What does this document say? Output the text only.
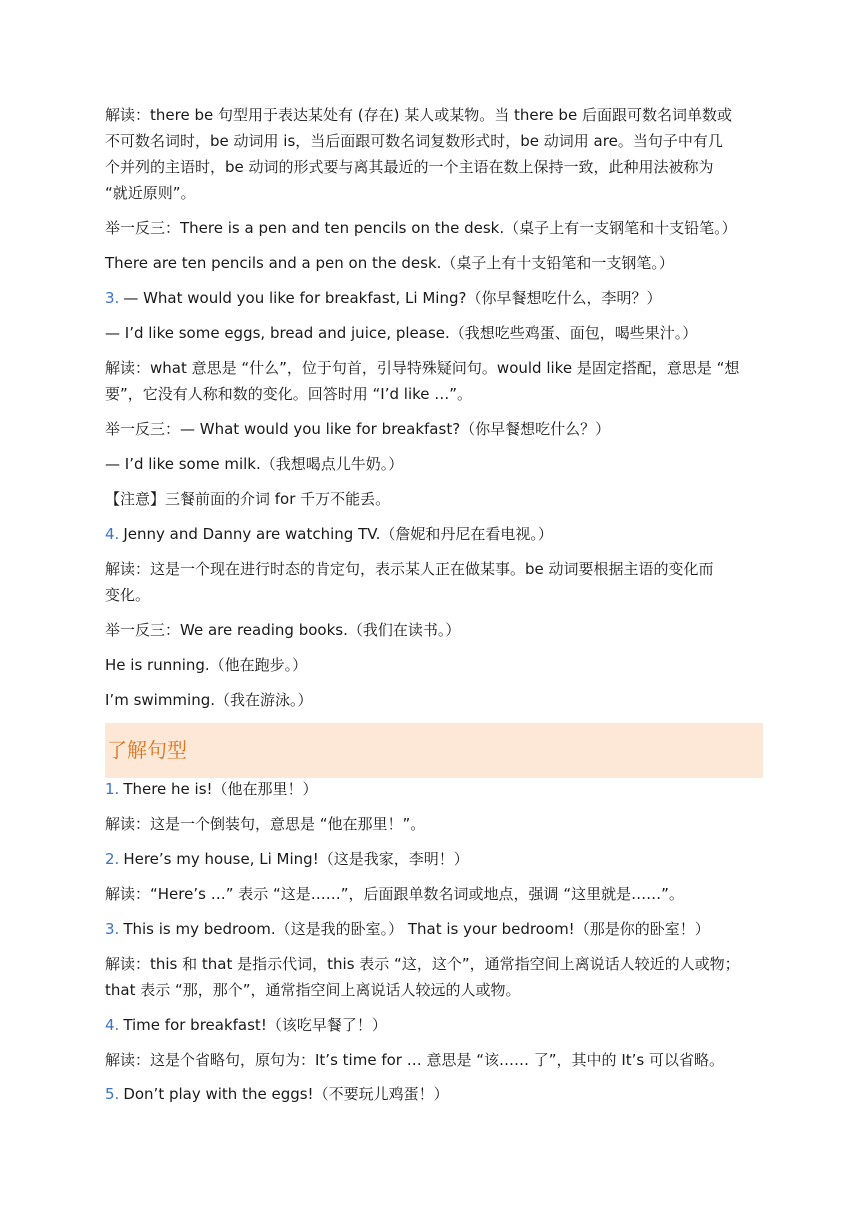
解读：there be 句型用于表达某处有 (存在) 某人或某物。当 there be 后面跟可数名词单数或
不可数名词时，be 动词用 is，当后面跟可数名词复数形式时，be 动词用 are。当句子中有几
个并列的主语时，be 动词的形式要与离其最近的一个主语在数上保持一致，此种用法被称为
“就近原则”。
举一反三：There is a pen and ten pencils on the desk.（桌子上有一支钢笔和十支铅笔。）
There are ten pencils and a pen on the desk.（桌子上有十支铅笔和一支钢笔。）
3. — What would you like for breakfast, Li Ming?（你早餐想吃什么，李明？）
— I’d like some eggs, bread and juice, please.（我想吃些鸡蛋、面包，喝些果汁。）
解读：what 意思是 “什么”，位于句首，引导特殊疑问句。would like 是固定搭配，意思是 “想
要”，它没有人称和数的变化。回答时用 “I’d like …”。
举一反三：— What would you like for breakfast?（你早餐想吃什么？）
— I’d like some milk.（我想喝点儿牛奶。）
【注意】三餐前面的介词 for 千万不能丢。
4. Jenny and Danny are watching TV.（詹妮和丹尼在看电视。）
解读：这是一个现在进行时态的肯定句，表示某人正在做某事。be 动词要根据主语的变化而
变化。
举一反三：We are reading books.（我们在读书。）
He is running.（他在跑步。）
I’m swimming.（我在游泳。）
了解句型
1. There he is!（他在那里！）
解读：这是一个倒装句，意思是 “他在那里！”。
2. Here’s my house, Li Ming!（这是我家，李明！）
解读：“Here’s …” 表示 “这是……”，后面跟单数名词或地点，强调 “这里就是……”。
3. This is my bedroom.（这是我的卧室。） That is your bedroom!（那是你的卧室！）
解读：this 和 that 是指示代词，this 表示 “这，这个”，通常指空间上离说话人较近的人或物；
that 表示 “那，那个”，通常指空间上离说话人较远的人或物。
4. Time for breakfast!（该吃早餐了！）
解读：这是个省略句，原句为：It’s time for … 意思是 “该…… 了”，其中的 It’s 可以省略。
5. Don’t play with the eggs!（不要玩儿鸡蛋！）
